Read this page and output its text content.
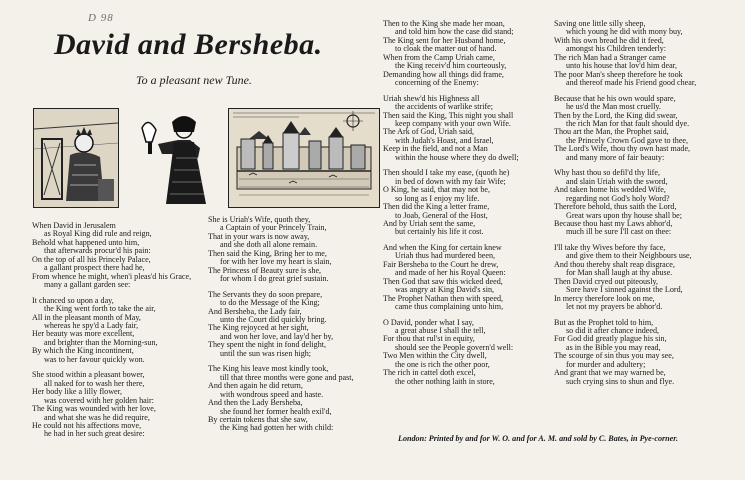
D 98
David and Bersheba.
To a pleasant new Tune.
When David in Jerusalem
as Royal King did rule and reign,
Behold what happened unto him,
that afterwards procur'd his pain:
On the top of all his Princely Palace,
a gallant prospect there had he,
From whence he might, when'i pleas'd his Grace,
many a gallant garden see:
It chanced so upon a day,
the King went forth to take the air,
All in the pleasant month of May,
whereas he spy'd a Lady fair,
Her beauty was more excellent,
and brighter than the Morning-sun,
By which the King incontinent,
was to her favour quickly won.
She stood within a pleasant bower,
all naked for to wash her there,
Her body like a lilly flower,
was covered with her golden hair:
The King was wounded with her love,
and what she was he did require,
He could not his affections move,
he had in her such great desire:
She is Uriah's Wife, quoth they,
a Captain of your Princely Train,
That in your wars is now away,
and she doth all alone remain.
Then said the King, Bring her to me,
for with her love my heart is slain,
The Princess of Beauty sure is she,
for whom I do great grief sustain.
The Servants they do soon prepare,
to do the Message of the King;
And Bersheba, the Lady fair,
unto the Court did quickly bring.
The King rejoyced at her sight,
and won her love, and lay'd her by,
They spent the night in fond delight,
until the sun was risen high;
The King his leave most kindly took,
till that three months were gone and past,
And then again he did return,
with wondrous speed and haste.
And then the Lady Bersheba,
she found her former health exil'd,
By certain tokens that she saw,
the King had gotten her with child:
Then to the King she made her moan,
and told him how the case did stand;
The King sent for her Husband home,
to cloak the matter out of hand.
When from the Camp Uriah came,
the King receiv'd him courteously,
Demanding how all things did frame,
concerning of the Enemy:
Uriah shew'd his Highness all
the accidents of warlike strife;
Then said the King, This night you shall
keep company with your own Wife.
The Ark of God, Uriah said,
with Judah's Hoast, and Israel,
Keep in the field, and not a Man
within the house where they do dwell;
Then should I take my ease, (quoth he)
in bed of down with my fair Wife;
O King, he said, that may not be,
so long as I enjoy my life.
Then did the King a letter frame,
to Joab, General of the Host,
And by Uriah sent the same,
but certainly his life it cost.
And when the King for certain knew
Uriah thus had murdered been,
Fair Bersheba to the Court he drew,
and made of her his Royal Queen:
Then God that saw this wicked deed,
was angry at King David's sin,
The Prophet Nathan then with speed,
came thus complaining unto him,
O David, ponder what I say,
a great abuse I shall the tell,
For thou that rul'st in equity,
should see the People govern'd well:
Two Men within the City dwell,
the one is rich the other poor,
The rich in cattel doth excel,
the other nothing laith in store,
Saving one little silly sheep,
which young he did with mony buy,
With his own bread he did it feed,
amongst his Children tenderly:
The rich Man had a Stranger came
unto his house that lov'd him dear,
The poor Man's sheep therefore he took
and thereof made his Friend good chear,
Because that he his own would spare,
he us'd the Man most cruelly.
Then by the Lord, the King did swear,
the rich Man for that fault should dye.
Thou art the Man, the Prophet said,
the Princely Crown God gave to thee,
The Lord's Wife, thou thy own hast made,
and many more of fair beauty:
Why hast thou so defil'd thy life,
and slain Uriah with the sword,
And taken home his wedded Wife,
regarding not God's holy Word?
Therefore behold, thus saith the Lord,
Great wars upon thy house shall be;
Because thou hast my Laws abhor'd,
much ill be sure I'll cast on thee:
I'll take thy Wives before thy face,
and give them to their Neighbours use,
And thou thereby shalt reap disgrace,
for Man shall laugh at thy abuse.
Then David cryed out piteously,
Sore have I sinned against the Lord,
In mercy therefore look on me,
let not my prayers be abhor'd.
But as the Prophet told to him,
so did it after chance indeed,
For God did greatly plague his sin,
as in the Bible you may read,
The scourge of sin thus you may see,
for murder and adultery;
And grant that we may warned be,
such crying sins to shun and flye.
London: Printed by and for W. O. and for A. M. and sold by C. Bates, in Pye-corner.
